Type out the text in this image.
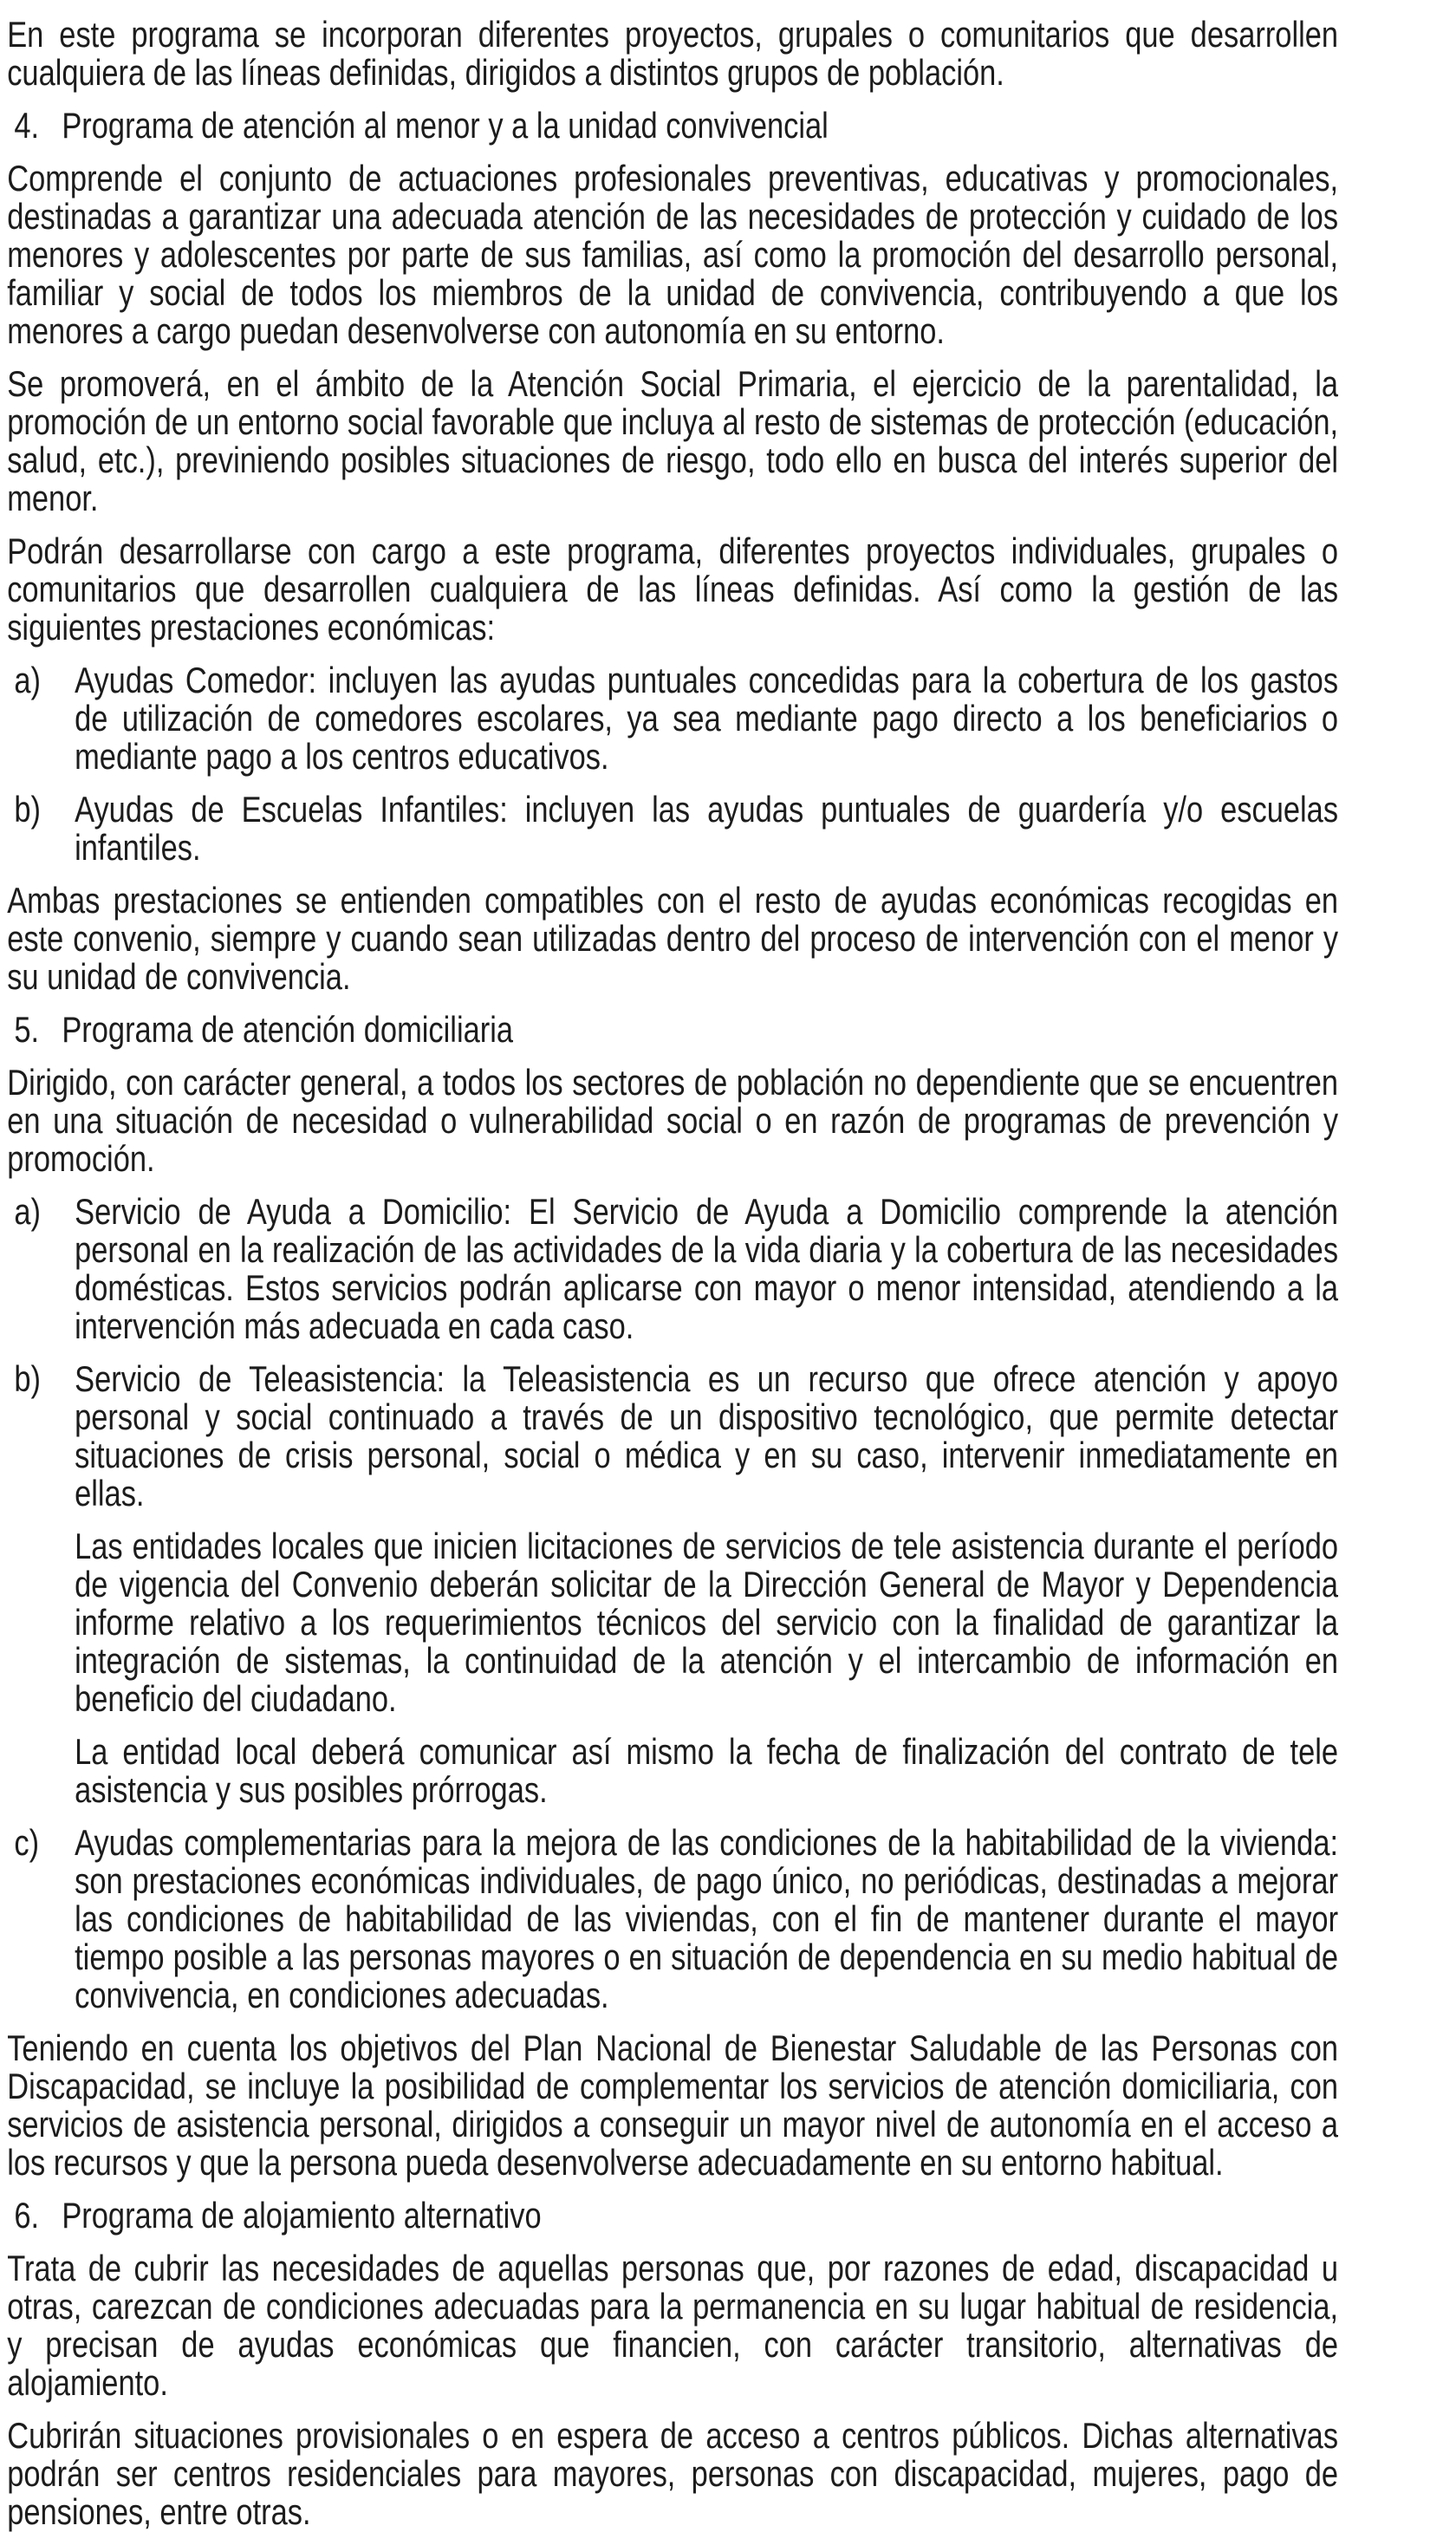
En este programa se incorporan diferentes proyectos, grupales o comunitarios que desarrollen cualquiera de las líneas definidas, dirigidos a distintos grupos de población.
4. Programa de atención al menor y a la unidad convivencial
Comprende el conjunto de actuaciones profesionales preventivas, educativas y promocionales, destinadas a garantizar una adecuada atención de las necesidades de protección y cuidado de los menores y adolescentes por parte de sus familias, así como la promoción del desarrollo personal, familiar y social de todos los miembros de la unidad de convivencia, contribuyendo a que los menores a cargo puedan desenvolverse con autonomía en su entorno.
Se promoverá, en el ámbito de la Atención Social Primaria, el ejercicio de la parentalidad, la promoción de un entorno social favorable que incluya al resto de sistemas de protección (educación, salud, etc.), previniendo posibles situaciones de riesgo, todo ello en busca del interés superior del menor.
Podrán desarrollarse con cargo a este programa, diferentes proyectos individuales, grupales o comunitarios que desarrollen cualquiera de las líneas definidas. Así como la gestión de las siguientes prestaciones económicas:
a) Ayudas Comedor: incluyen las ayudas puntuales concedidas para la cobertura de los gastos de utilización de comedores escolares, ya sea mediante pago directo a los beneficiarios o mediante pago a los centros educativos.
b) Ayudas de Escuelas Infantiles: incluyen las ayudas puntuales de guardería y/o escuelas infantiles.
Ambas prestaciones se entienden compatibles con el resto de ayudas económicas recogidas en este convenio, siempre y cuando sean utilizadas dentro del proceso de intervención con el menor y su unidad de convivencia.
5. Programa de atención domiciliaria
Dirigido, con carácter general, a todos los sectores de población no dependiente que se encuentren en una situación de necesidad o vulnerabilidad social o en razón de programas de prevención y promoción.
a) Servicio de Ayuda a Domicilio: El Servicio de Ayuda a Domicilio comprende la atención personal en la realización de las actividades de la vida diaria y la cobertura de las necesidades domésticas. Estos servicios podrán aplicarse con mayor o menor intensidad, atendiendo a la intervención más adecuada en cada caso.
b) Servicio de Teleasistencia: la Teleasistencia es un recurso que ofrece atención y apoyo personal y social continuado a través de un dispositivo tecnológico, que permite detectar situaciones de crisis personal, social o médica y en su caso, intervenir inmediatamente en ellas.
Las entidades locales que inicien licitaciones de servicios de tele asistencia durante el período de vigencia del Convenio deberán solicitar de la Dirección General de Mayor y Dependencia informe relativo a los requerimientos técnicos del servicio con la finalidad de garantizar la integración de sistemas, la continuidad de la atención y el intercambio de información en beneficio del ciudadano.
La entidad local deberá comunicar así mismo la fecha de finalización del contrato de tele asistencia y sus posibles prórrogas.
c) Ayudas complementarias para la mejora de las condiciones de la habitabilidad de la vivienda: son prestaciones económicas individuales, de pago único, no periódicas, destinadas a mejorar las condiciones de habitabilidad de las viviendas, con el fin de mantener durante el mayor tiempo posible a las personas mayores o en situación de dependencia en su medio habitual de convivencia, en condiciones adecuadas.
Teniendo en cuenta los objetivos del Plan Nacional de Bienestar Saludable de las Personas con Discapacidad, se incluye la posibilidad de complementar los servicios de atención domiciliaria, con servicios de asistencia personal, dirigidos a conseguir un mayor nivel de autonomía en el acceso a los recursos y que la persona pueda desenvolverse adecuadamente en su entorno habitual.
6. Programa de alojamiento alternativo
Trata de cubrir las necesidades de aquellas personas que, por razones de edad, discapacidad u otras, carezcan de condiciones adecuadas para la permanencia en su lugar habitual de residencia, y precisan de ayudas económicas que financien, con carácter transitorio, alternativas de alojamiento.
Cubrirán situaciones provisionales o en espera de acceso a centros públicos. Dichas alternativas podrán ser centros residenciales para mayores, personas con discapacidad, mujeres, pago de pensiones, entre otras.
